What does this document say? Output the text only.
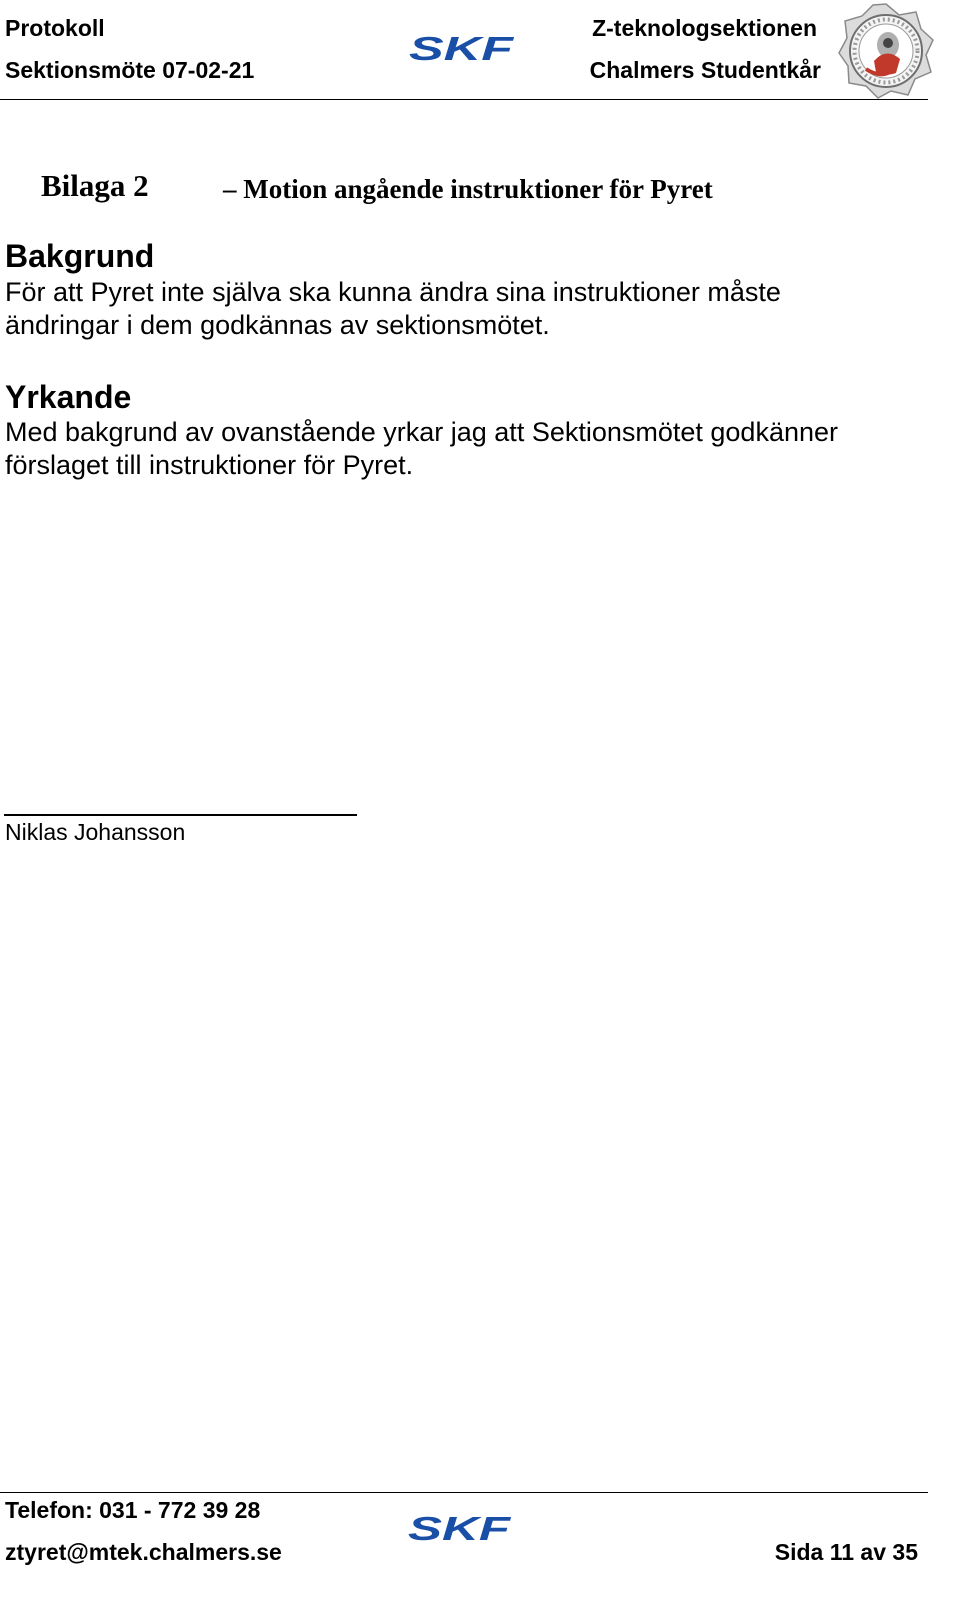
Protokoll
Sektionsmöte 07-02-21
SKF
Z-teknologsektionen
Chalmers Studentkår
Bilaga 2	– Motion angående instruktioner för Pyret
Bakgrund

För att Pyret inte själva ska kunna ändra sina instruktioner måste

ändringar i dem godkännas av sektionsmötet.

Yrkande

Med bakgrund av ovanstående yrkar jag att Sektionsmötet godkänner

förslaget till instruktioner för Pyret.

Niklas Johansson
Telefon: 031 - 772 39 28
ztyret@mtek.chalmers.se
SKF
Sida 11 av 35
